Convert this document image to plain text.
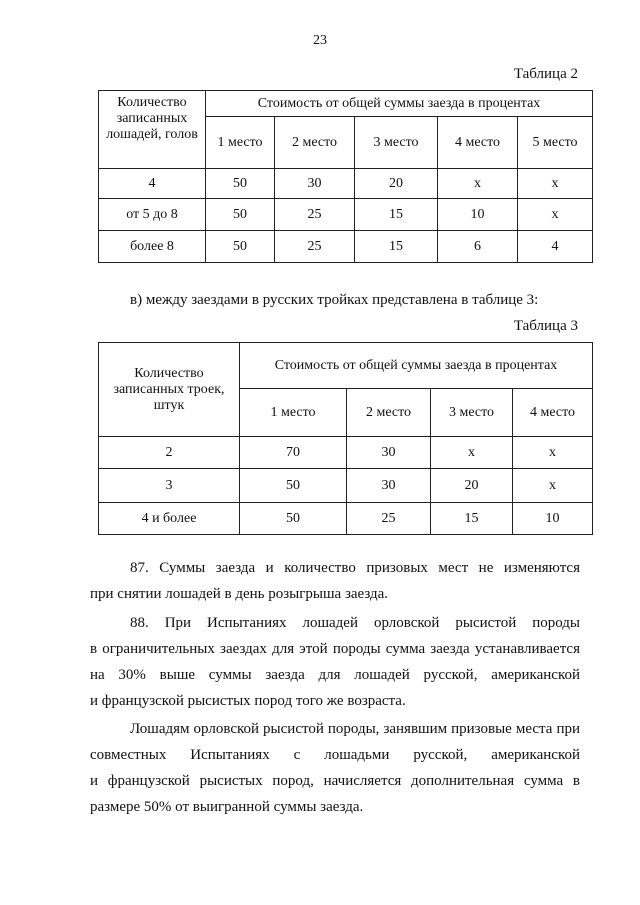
23
Таблица 2
Количество записанных лошадей, голов	Стоимость от общей суммы заезда в процентах				
	1 место	2 место	3 место	4 место	5 место
4	50	30	20	х	х
от 5 до 8	50	25	15	10	х
более 8	50	25	15	6	4
в) между заездами в русских тройках представлена в таблице 3:
Таблица 3
Количество записанных троек, штук	Стоимость от общей суммы заезда в процентах			
	1 место	2 место	3 место	4 место
2	70	30	х	х
3	50	30	20	х
4 и более	50	25	15	10
87. Суммы заезда и количество призовых мест не изменяются
при снятии лошадей в день розыгрыша заезда.
88. При Испытаниях лошадей орловской рысистой породы
в ограничительных заездах для этой породы сумма заезда устанавливается
на 30% выше суммы заезда для лошадей русской, американской
и французской рысистых пород того же возраста.
Лошадям орловской рысистой породы, занявшим призовые места при
совместных Испытаниях с лошадьми русской, американской
и французской рысистых пород, начисляется дополнительная сумма в
размере 50% от выигранной суммы заезда.
